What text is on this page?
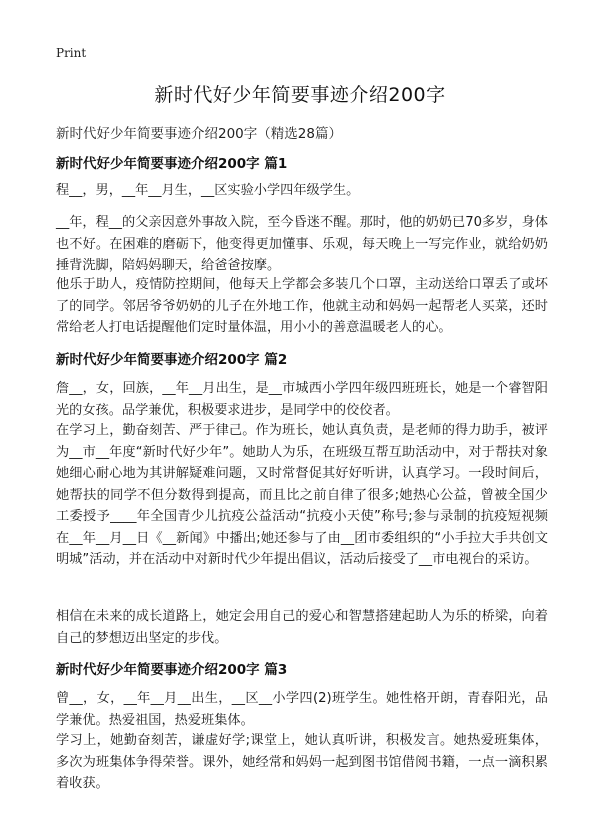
Print
新时代好少年简要事迹介绍200字
新时代好少年简要事迹介绍200字（精选28篇）
新时代好少年简要事迹介绍200字 篇1
程__，男，__年__月生，__区实验小学四年级学生。
__年，程__的父亲因意外事故入院，至今昏迷不醒。那时，他的奶奶已70多岁，身体也不好。在困难的磨砺下，他变得更加懂事、乐观，每天晚上一写完作业，就给奶奶捶背洗脚，陪妈妈聊天，给爸爸按摩。
他乐于助人，疫情防控期间，他每天上学都会多装几个口罩，主动送给口罩丢了或坏了的同学。邻居爷爷奶奶的儿子在外地工作，他就主动和妈妈一起帮老人买菜，还时常给老人打电话提醒他们定时量体温，用小小的善意温暖老人的心。
新时代好少年简要事迹介绍200字 篇2
詹__，女，回族，__年__月出生，是__市城西小学四年级四班班长，她是一个睿智阳光的女孩。品学兼优，积极要求进步，是同学中的佼佼者。
在学习上，勤奋刻苦、严于律己。作为班长，她认真负责，是老师的得力助手，被评为__市__年度“新时代好少年”。她助人为乐，在班级互帮互助活动中，对于帮扶对象她细心耐心地为其讲解疑难问题，又时常督促其好好听讲，认真学习。一段时间后，她帮扶的同学不但分数得到提高，而且比之前自律了很多;她热心公益，曾被全国少工委授予____年全国青少儿抗疫公益活动“抗疫小天使”称号;参与录制的抗疫短视频在__年__月__日《__新闻》中播出;她还参与了由__团市委组织的“小手拉大手共创文明城”活动，并在活动中对新时代少年提出倡议，活动后接受了__市电视台的采访。
相信在未来的成长道路上，她定会用自己的爱心和智慧搭建起助人为乐的桥梁，向着自己的梦想迈出坚定的步伐。
新时代好少年简要事迹介绍200字 篇3
曾__，女，__年__月__出生，__区__小学四(2)班学生。她性格开朗，青春阳光，品学兼优。热爱祖国，热爱班集体。
学习上，她勤奋刻苦，谦虚好学;课堂上，她认真听讲，积极发言。她热爱班集体，多次为班集体争得荣誉。课外，她经常和妈妈一起到图书馆借阅书籍，一点一滴积累着收获。
